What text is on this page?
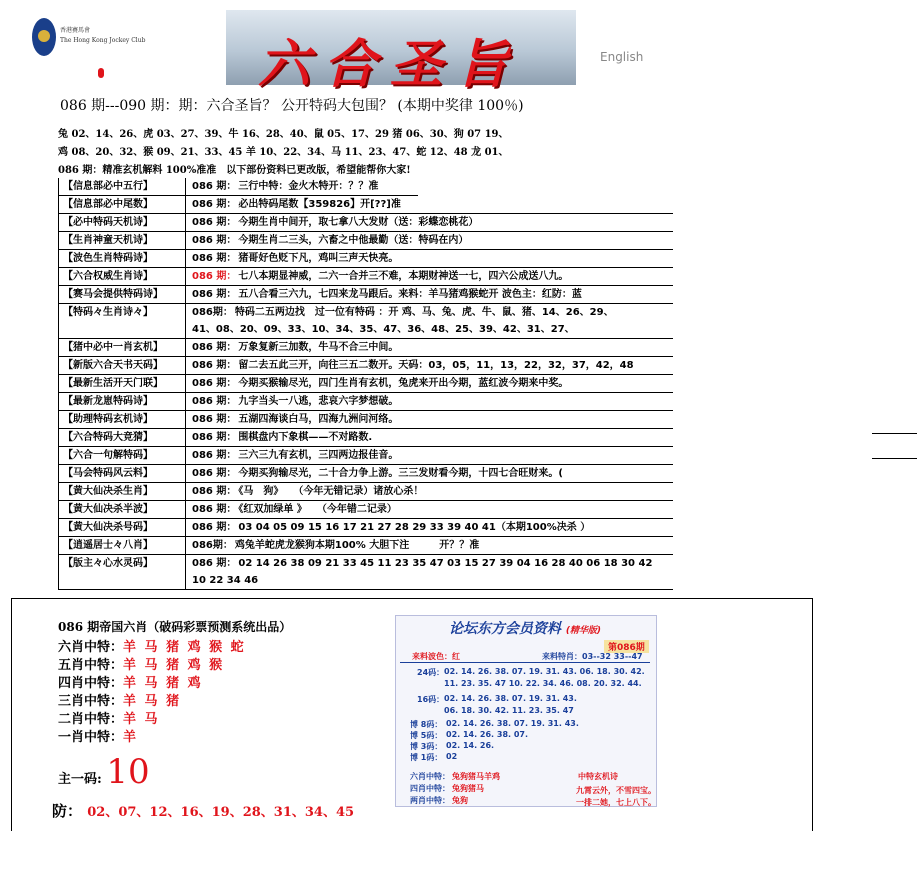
香港賽馬會
The Hong Kong Jockey Club 六合圣旨	English
086 期---090 期：期：六合圣旨？ 公开特码大包围？ (本期中奖律 100％)
兔 02、14、26、虎 03、27、39、牛 16、28、40、鼠 05、17、29 猪 06、30、狗 07 19、
鸡 08、20、32、猴 09、21、33、45 羊 10、22、34、马 11、23、47、蛇 12、48 龙 01、
086 期：精准玄机解料 100%准准　以下部份资料已更改版，希望能帮你大家!
【信息部必中五行】	086 期： 三行中特：金火木特开：？？准
【信息部必中尾数】	086 期： 必出特码尾数【359826】开[??]准
【必中特码天机诗】	086 期： 今期生肖中间开，取七拿八大发财（送：彩蝶恋桃花）
【生肖神童天机诗】	086 期： 今期生肖二三头，六畜之中他最勤（送：特码在内）
【波色生肖特码诗】	086 期： 猪哥好色贬下凡，鸡叫三声天快亮。
【六合权威生肖诗】	086 期： 七八本期显神威，二六一合并三不难，本期财神送一七，四六公成送八九。
【赛马会提供特码诗】	086 期： 五八合看三六九，七四来龙马跟后。来料：羊马猪鸡猴蛇开 波色主：红防：蓝
【特码々生肖诗々】	086期： 特码二五两边找　过一位有特码 ：开 鸡、马、兔、虎、牛、鼠、猪、14、26、29、
41、08、20、09、33、10、34、35、47、36、48、25、39、42、31、27、
【猪中必中一肖玄机】	086 期： 万象复新三加数，牛马不合三中间。
【新版六合天书天码】	086 期： 留二去五此三开，向往三五二数开。天码：03，05，11，13，22，32，37，42，48
【最新生活开天门联】	086 期： 今期买猴输尽光，四门生肖有玄机，兔虎来开出今期，蓝红波今期来中奖。
【最新龙崽特码诗】	086 期： 九字当头一八逃，悲哀六字梦想破。
【助理特码玄机诗】	086 期： 五湖四海谈白马，四海九洲问河络。
【六合特码大竞猜】	086 期： 围棋盘内下象棋——不对路数.
【六合一句解特码】	086 期： 三六三九有玄机，三四两边报佳音。
【马会特码风云料】	086 期： 今期买狗输尽光，二十合力争上游。三三发财看今期，十四七合旺财来。(
【黄大仙决杀生肖】	086 期： 《马　狗》　　（今年无错记录）诸放心杀！
【黄大仙决杀半波】	086 期： 《红双加绿单 》　　（今年错二记录）
【黄大仙决杀号码】	086 期： 03 04 05 09 15 16 17 21 27 28 29 33 39 40 41（本期100%决杀 ）
【逍遥居士々八肖】	086期： 鸡兔羊蛇虎龙猴狗本期100% 大胆下注　　　开？？准
【版主々心水灵码】	086 期： 02 14 26 38 09 21 33 45 11 23 35 47 03 15 27 39 04 16 28 40 06 18 30 42
10 22 34 46
086 期帝国六肖（破码彩票预测系统出品）
六肖中特：羊 马 猪 鸡 猴 蛇
五肖中特：羊 马 猪 鸡 猴
四肖中特：羊 马 猪 鸡
三肖中特：羊 马 猪
二肖中特：羊 马
一肖中特：羊
主一码: 10
防： 02、07、12、16、19、28、31、34、45
论坛东方会员资料 (精华版)
第086期
来料波色：红	来料特肖：03--32 33--47
24码： 02. 14. 26. 38. 07. 19. 31. 43. 06. 18. 30. 42.
11. 23. 35. 47 10. 22. 34. 46. 08. 20. 32. 44.
16码： 02. 14. 26. 38. 07. 19. 31. 43.
06. 18. 30. 42. 11. 23. 35. 47
博 8码： 02. 14. 26. 38. 07. 19. 31. 43.
博 5码： 02. 14. 26. 38. 07.
博 3码： 02. 14. 26.
博 1码： 02
六肖中特： 兔狗猪马羊鸡
四肖中特： 兔狗猪马
两肖中特： 兔狗
中特玄机诗
九霄云外，不雪四宝。
一排二她，七上八下。
